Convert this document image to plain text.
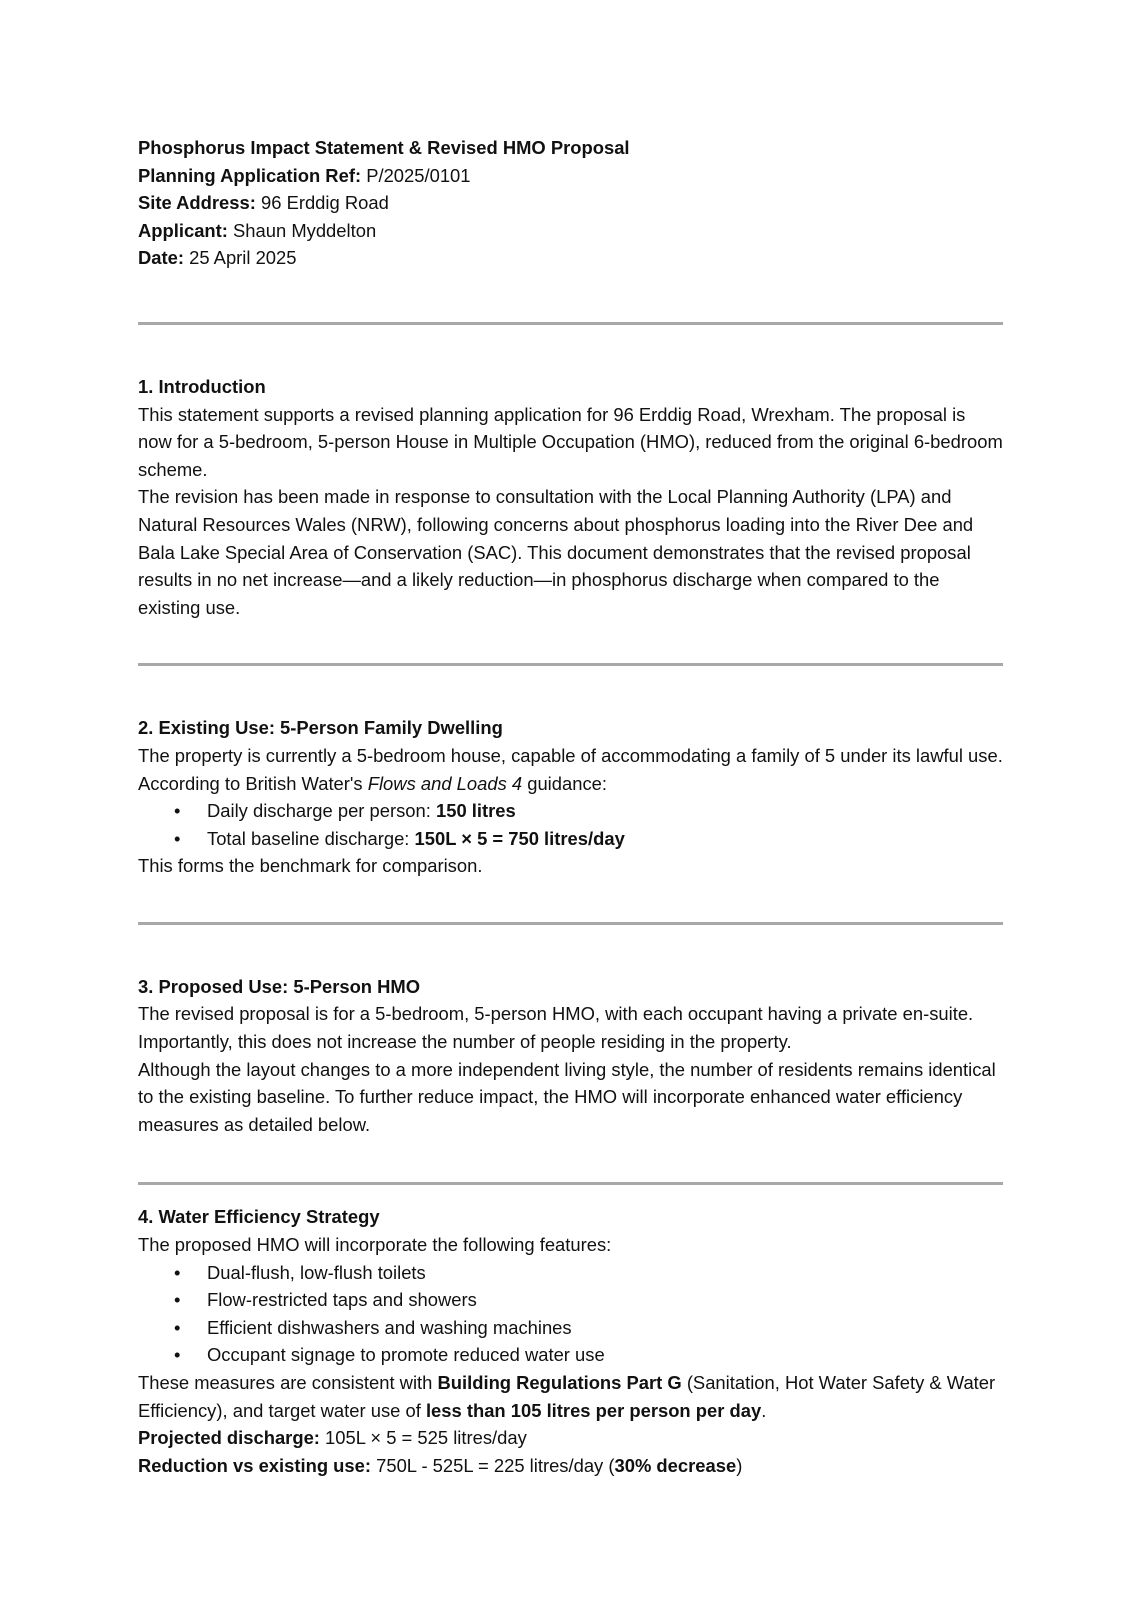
Phosphorus Impact Statement & Revised HMO Proposal

Planning Application Ref: P/2025/0101

Site Address: 96 Erddig Road

Applicant: Shaun Myddelton

Date: 25 April 2025

1. Introduction

This statement supports a revised planning application for 96 Erddig Road, Wrexham. The proposal is now for a 5-bedroom, 5-person House in Multiple Occupation (HMO), reduced from the original 6-bedroom scheme.

The revision has been made in response to consultation with the Local Planning Authority (LPA) and Natural Resources Wales (NRW), following concerns about phosphorus loading into the River Dee and Bala Lake Special Area of Conservation (SAC). This document demonstrates that the revised proposal results in no net increase—and a likely reduction—in phosphorus discharge when compared to the existing use.

2. Existing Use: 5-Person Family Dwelling

The property is currently a 5-bedroom house, capable of accommodating a family of 5 under its lawful use.

According to British Water's Flows and Loads 4 guidance:

• Daily discharge per person: 150 litres
• Total baseline discharge: 150L × 5 = 750 litres/day

This forms the benchmark for comparison.

3. Proposed Use: 5-Person HMO

The revised proposal is for a 5-bedroom, 5-person HMO, with each occupant having a private en-suite. Importantly, this does not increase the number of people residing in the property.

Although the layout changes to a more independent living style, the number of residents remains identical to the existing baseline. To further reduce impact, the HMO will incorporate enhanced water efficiency measures as detailed below.

4. Water Efficiency Strategy

The proposed HMO will incorporate the following features:

• Dual-flush, low-flush toilets
• Flow-restricted taps and showers
• Efficient dishwashers and washing machines
• Occupant signage to promote reduced water use

These measures are consistent with Building Regulations Part G (Sanitation, Hot Water Safety & Water Efficiency), and target water use of less than 105 litres per person per day.

Projected discharge: 105L × 5 = 525 litres/day

Reduction vs existing use: 750L - 525L = 225 litres/day (30% decrease)
